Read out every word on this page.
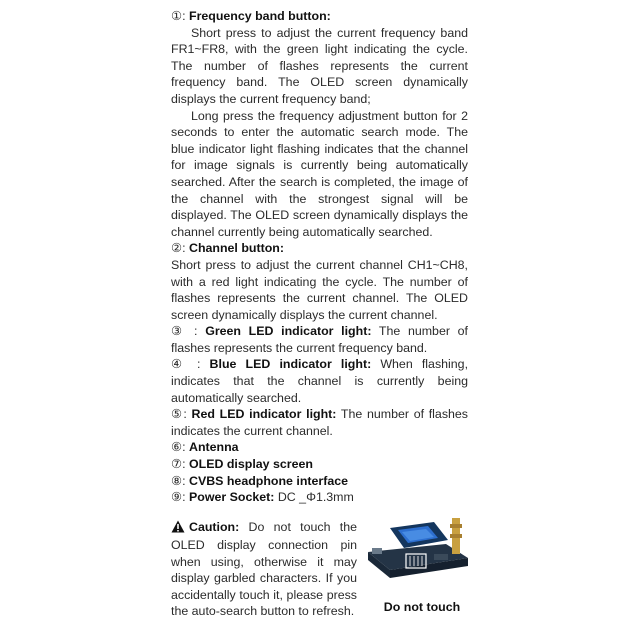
①: Frequency band button:

Short press to adjust the current frequency band FR1~FR8, with the green light indicating the cycle. The number of flashes represents the current frequency band. The OLED screen dynamically displays the current frequency band;

Long press the frequency adjustment button for 2 seconds to enter the automatic search mode. The blue indicator light flashing indicates that the channel for image signals is currently being automatically searched. After the search is completed, the image of the channel with the strongest signal will be displayed. The OLED screen dynamically displays the channel currently being automatically searched.

②: Channel button:

Short press to adjust the current channel CH1~CH8, with a red light indicating the cycle. The number of flashes represents the current channel. The OLED screen dynamically displays the current channel.

③ : Green LED indicator light: The number of flashes represents the current frequency band.

④ : Blue LED indicator light: When flashing, indicates that the channel is currently being automatically searched.

⑤: Red LED indicator light: The number of flashes indicates the current channel.

⑥: Antenna

⑦: OLED display screen

⑧: CVBS headphone interface

⑨: Power Socket: DC _Φ1.3mm

Caution: Do not touch the OLED display connection pin when using, otherwise it may display garbled characters. If you accidentally touch it, please press the auto-search button to refresh.	Do not touch
